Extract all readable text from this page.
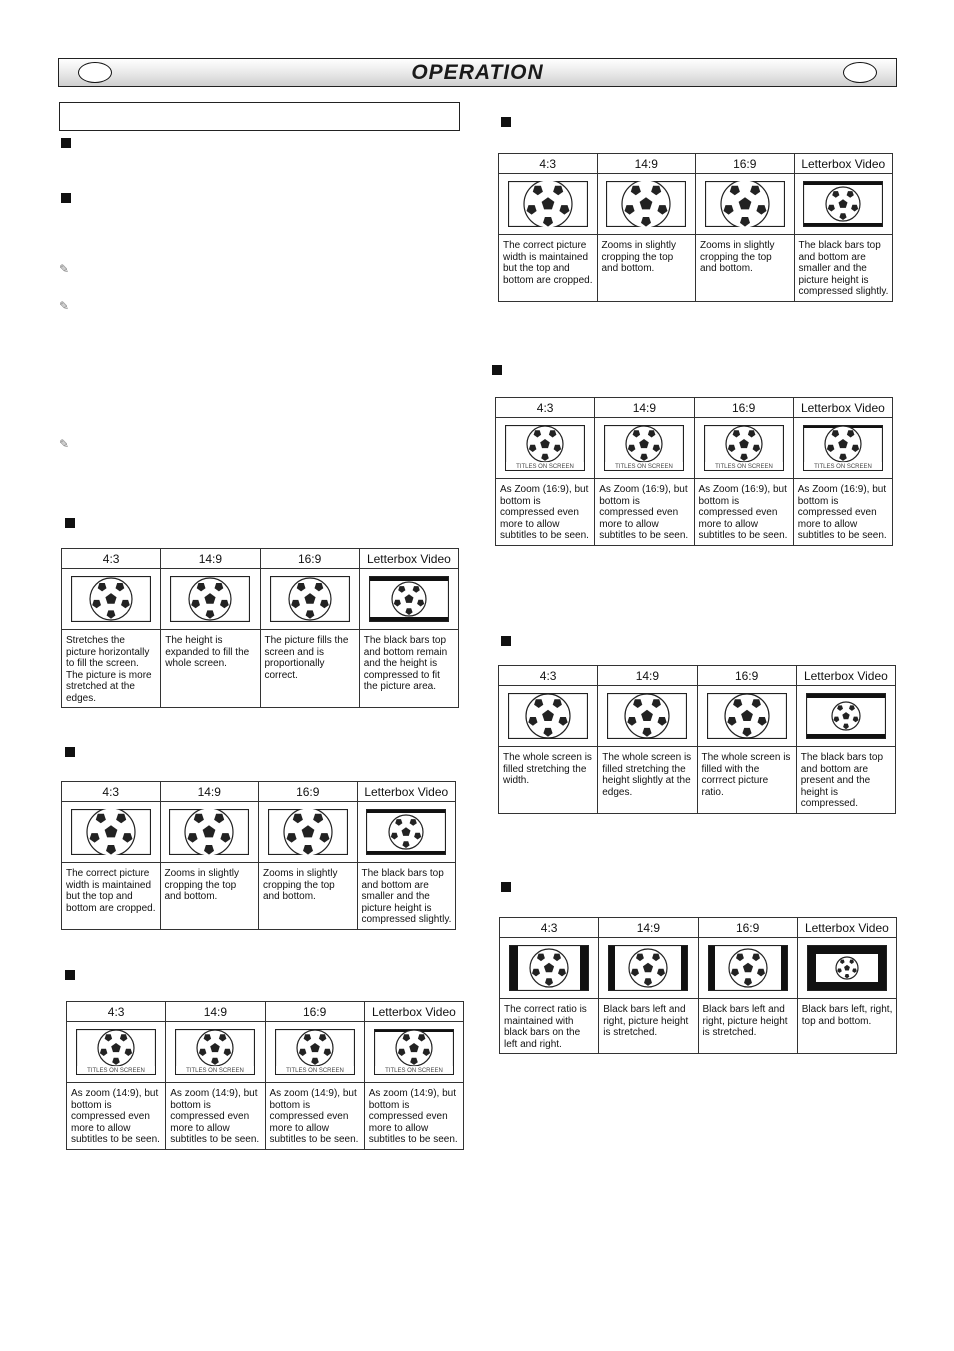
OPERATION
✎
✎
✎
4:3	14:9	16:9	Letterbox Video

Stretches the picture horizontally to fill the screen. The picture is more stretched at the edges.	The height is expanded to fill the whole screen.	The picture fills the screen and is proportionally correct.	The black bars top and bottom remain and the height is compressed to fit the picture area.
4:3	14:9	16:9	Letterbox Video

The correct picture width is maintained but the top and bottom are cropped.	Zooms in slightly cropping the top and bottom.	Zooms in slightly cropping the top and bottom.	The black bars top and bottom are smaller and the picture height is compressed slightly.
4:3	14:9	16:9	Letterbox Video

TITLES ON SCREEN	TITLES ON SCREEN	TITLES ON SCREEN	TITLES ON SCREEN

As zoom (14:9), but bottom is compressed even more to allow subtitles to be seen.	As zoom (14:9), but bottom is compressed even more to allow subtitles to be seen.	As zoom (14:9), but bottom is compressed even more to allow subtitles to be seen.	As zoom (14:9), but bottom is compressed even more to allow subtitles to be seen.
4:3	14:9	16:9	Letterbox Video

The correct picture width is maintained but the top and bottom are cropped.	Zooms in slightly cropping the top and bottom.	Zooms in slightly cropping the top and bottom.	The black bars top and bottom are smaller and the picture height is compressed slightly.
4:3	14:9	16:9	Letterbox Video

TITLES ON SCREEN	TITLES ON SCREEN	TITLES ON SCREEN	TITLES ON SCREEN

As Zoom (16:9), but bottom is compressed even more to allow subtitles to be seen.	As Zoom (16:9), but bottom is compressed even more to allow subtitles to be seen.	As Zoom (16:9), but bottom is compressed even more to allow subtitles to be seen.	As Zoom (16:9), but bottom is compressed even more to allow subtitles to be seen.
4:3	14:9	16:9	Letterbox Video

The whole screen is filled stretching the width.	The whole screen is filled stretching the height slightly at the edges.	The whole screen is filled with the corrrect picture ratio.	The black bars top and bottom are present and the height is compressed.
4:3	14:9	16:9	Letterbox Video

The correct ratio is maintained with black bars on the left and right.	Black bars left and right, picture height is stretched.	Black bars left and right, picture height is stretched.	Black bars left, right, top and bottom.
